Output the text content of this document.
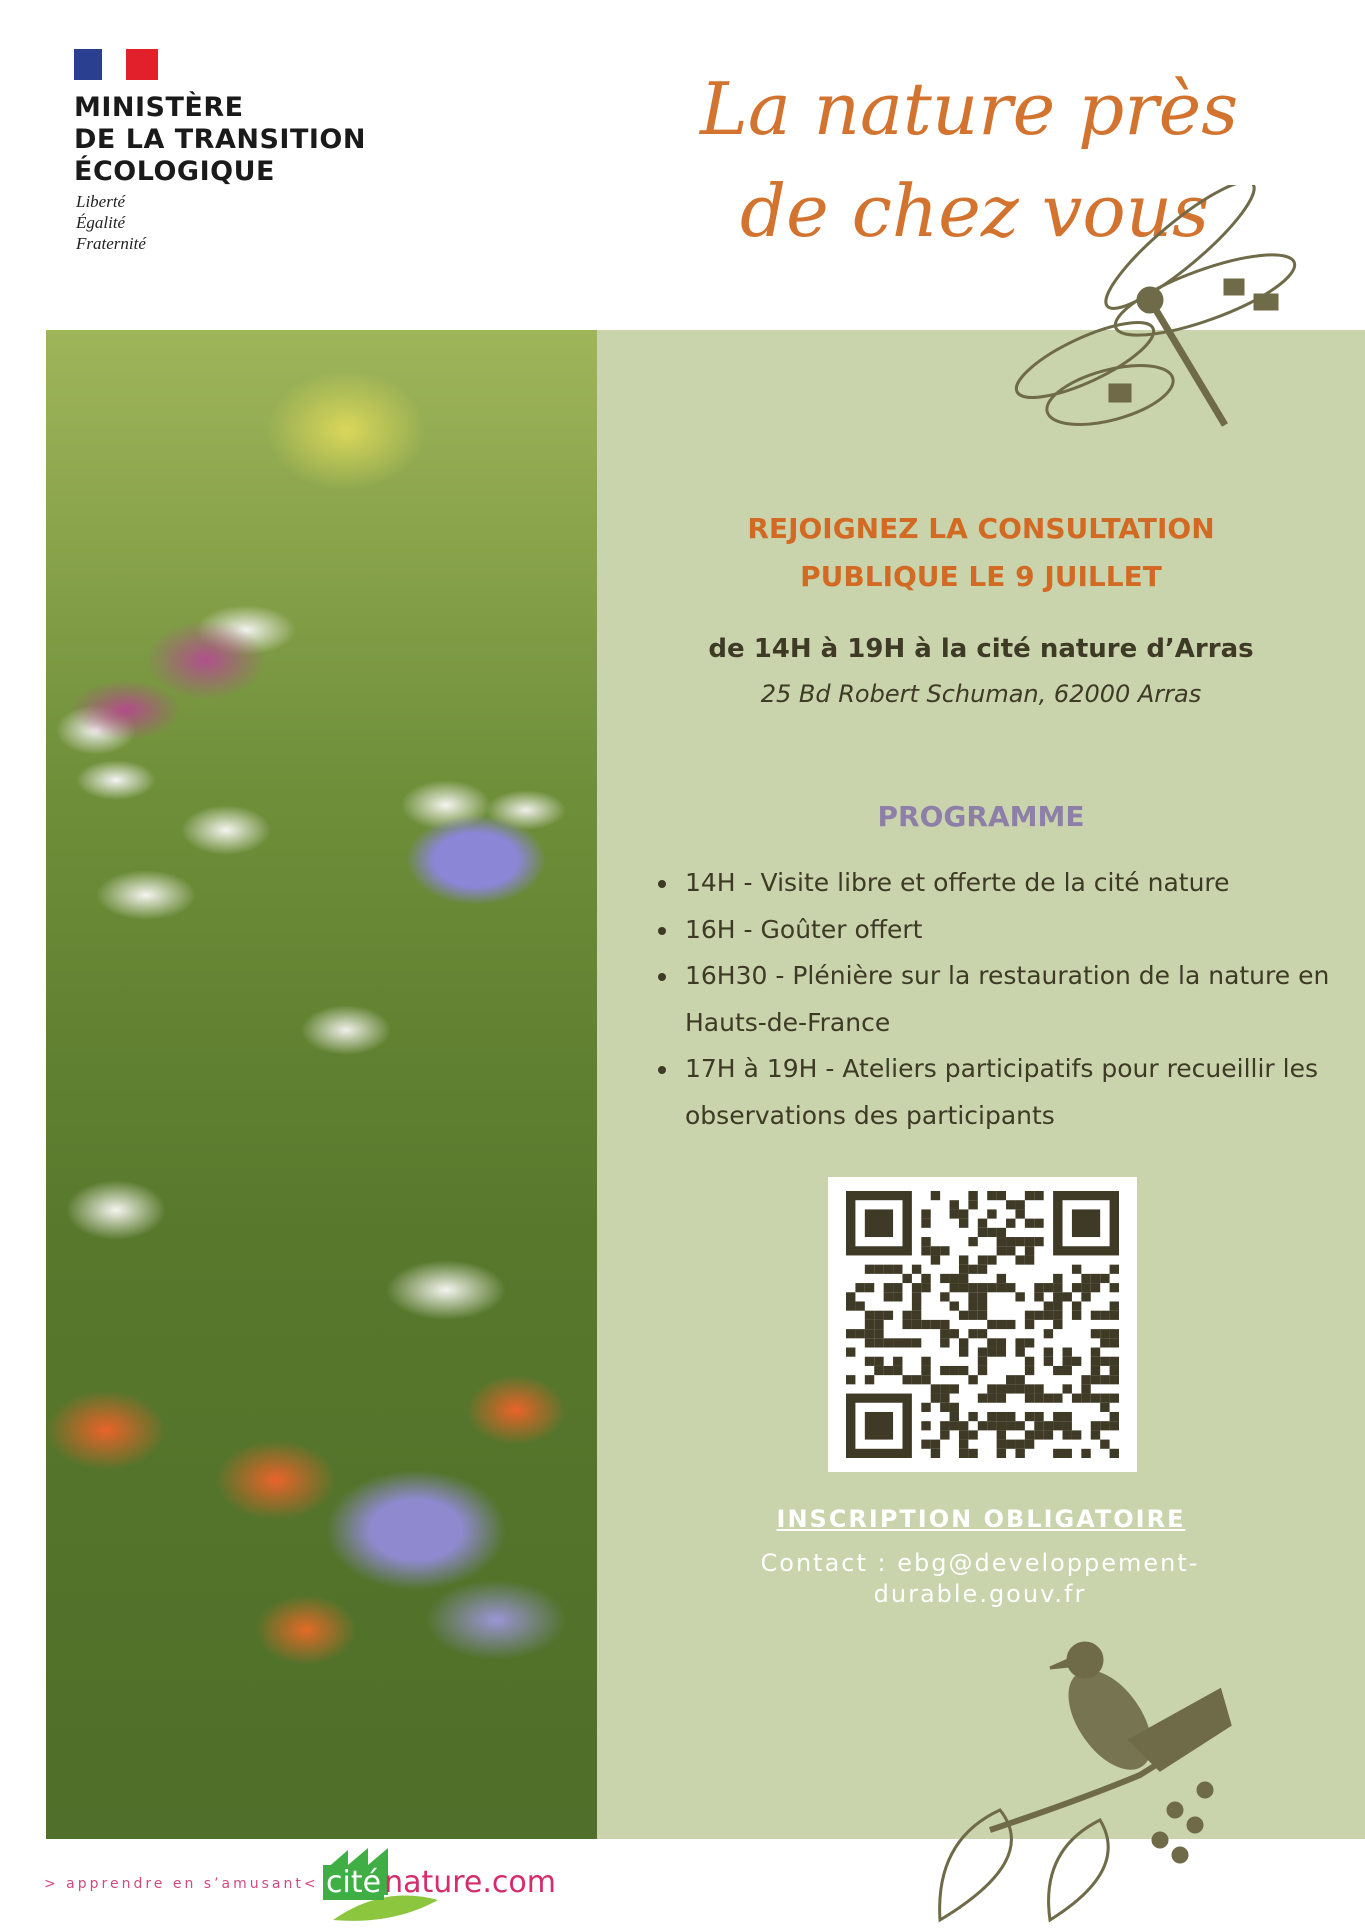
MINISTÈRE
DE LA TRANSITION
ÉCOLOGIQUE
Liberté
Égalité
Fraternité
La nature près
de chez vous
REJOIGNEZ LA CONSULTATION
PUBLIQUE LE 9 JUILLET
de 14H à 19H à la cité nature d’Arras
25 Bd Robert Schuman, 62000 Arras
PROGRAMME
14H - Visite libre et offerte de la cité nature
16H - Goûter offert
16H30 - Plénière sur la restauration de la nature en Hauts-de-France
17H à 19H - Ateliers participatifs pour recueillir les observations des participants
INSCRIPTION OBLIGATOIRE
Contact : ebg@developpement-durable.gouv.fr
> apprendre en s’amusant< cité nature.com
